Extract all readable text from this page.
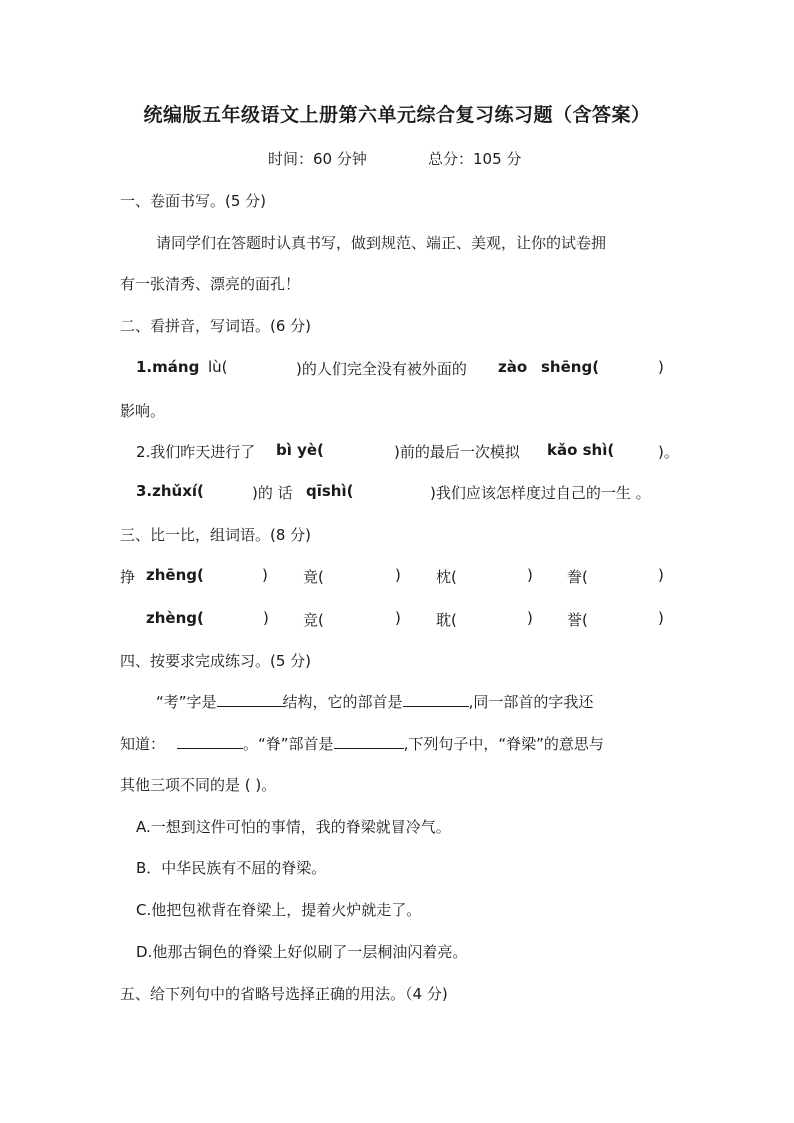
统编版五年级语文上册第六单元综合复习练习题（含答案）
时间：60 分钟	总分：105 分
一、卷面书写。(5 分)
请同学们在答题时认真书写，做到规范、端正、美观，让你的试卷拥
有一张清秀、漂亮的面孔！
二、看拼音，写词语。(6 分)
1.máng lù(	)的人们完全没有被外面的 zào shēng(	)
影响。
2.我们昨天进行了 bì yè(	)前的最后一次模拟 kǎo shì(	)。
3.zhǔxí(	)的 话 qīshì(	)我们应该怎样度过自己的一生 。
三、比一比，组词语。(8 分)
挣 zhēng(	) 竟(	) 枕(	) 誊(	)
zhèng(	) 竞(	) 耽(	) 誉(	)
四、按要求完成练习。(5 分)
“考”字是	结构，它的部首是	,同一部首的字我还
知道：	。“脊”部首是	,下列句子中，“脊梁”的意思与
其他三项不同的是 ( )。
A.一想到这件可怕的事情，我的脊梁就冒冷气。
B．中华民族有不屈的脊梁。
C.他把包袱背在脊梁上，提着火炉就走了。
D.他那古铜色的脊梁上好似刷了一层桐油闪着亮。
五、给下列句中的省略号选择正确的用法。（4 分)
